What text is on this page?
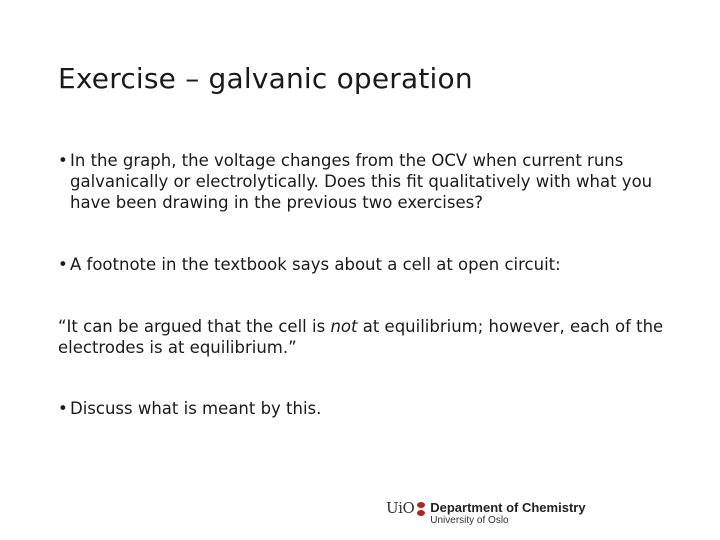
Exercise – galvanic operation
• In the graph, the voltage changes from the OCV when current runs galvanically or electrolytically. Does this fit qualitatively with what you have been drawing in the previous two exercises?
• A footnote in the textbook says about a cell at open circuit:
“It can be argued that the cell is not at equilibrium; however, each of the electrodes is at equilibrium.”
• Discuss what is meant by this.
UiO Department of Chemistry
University of Oslo
